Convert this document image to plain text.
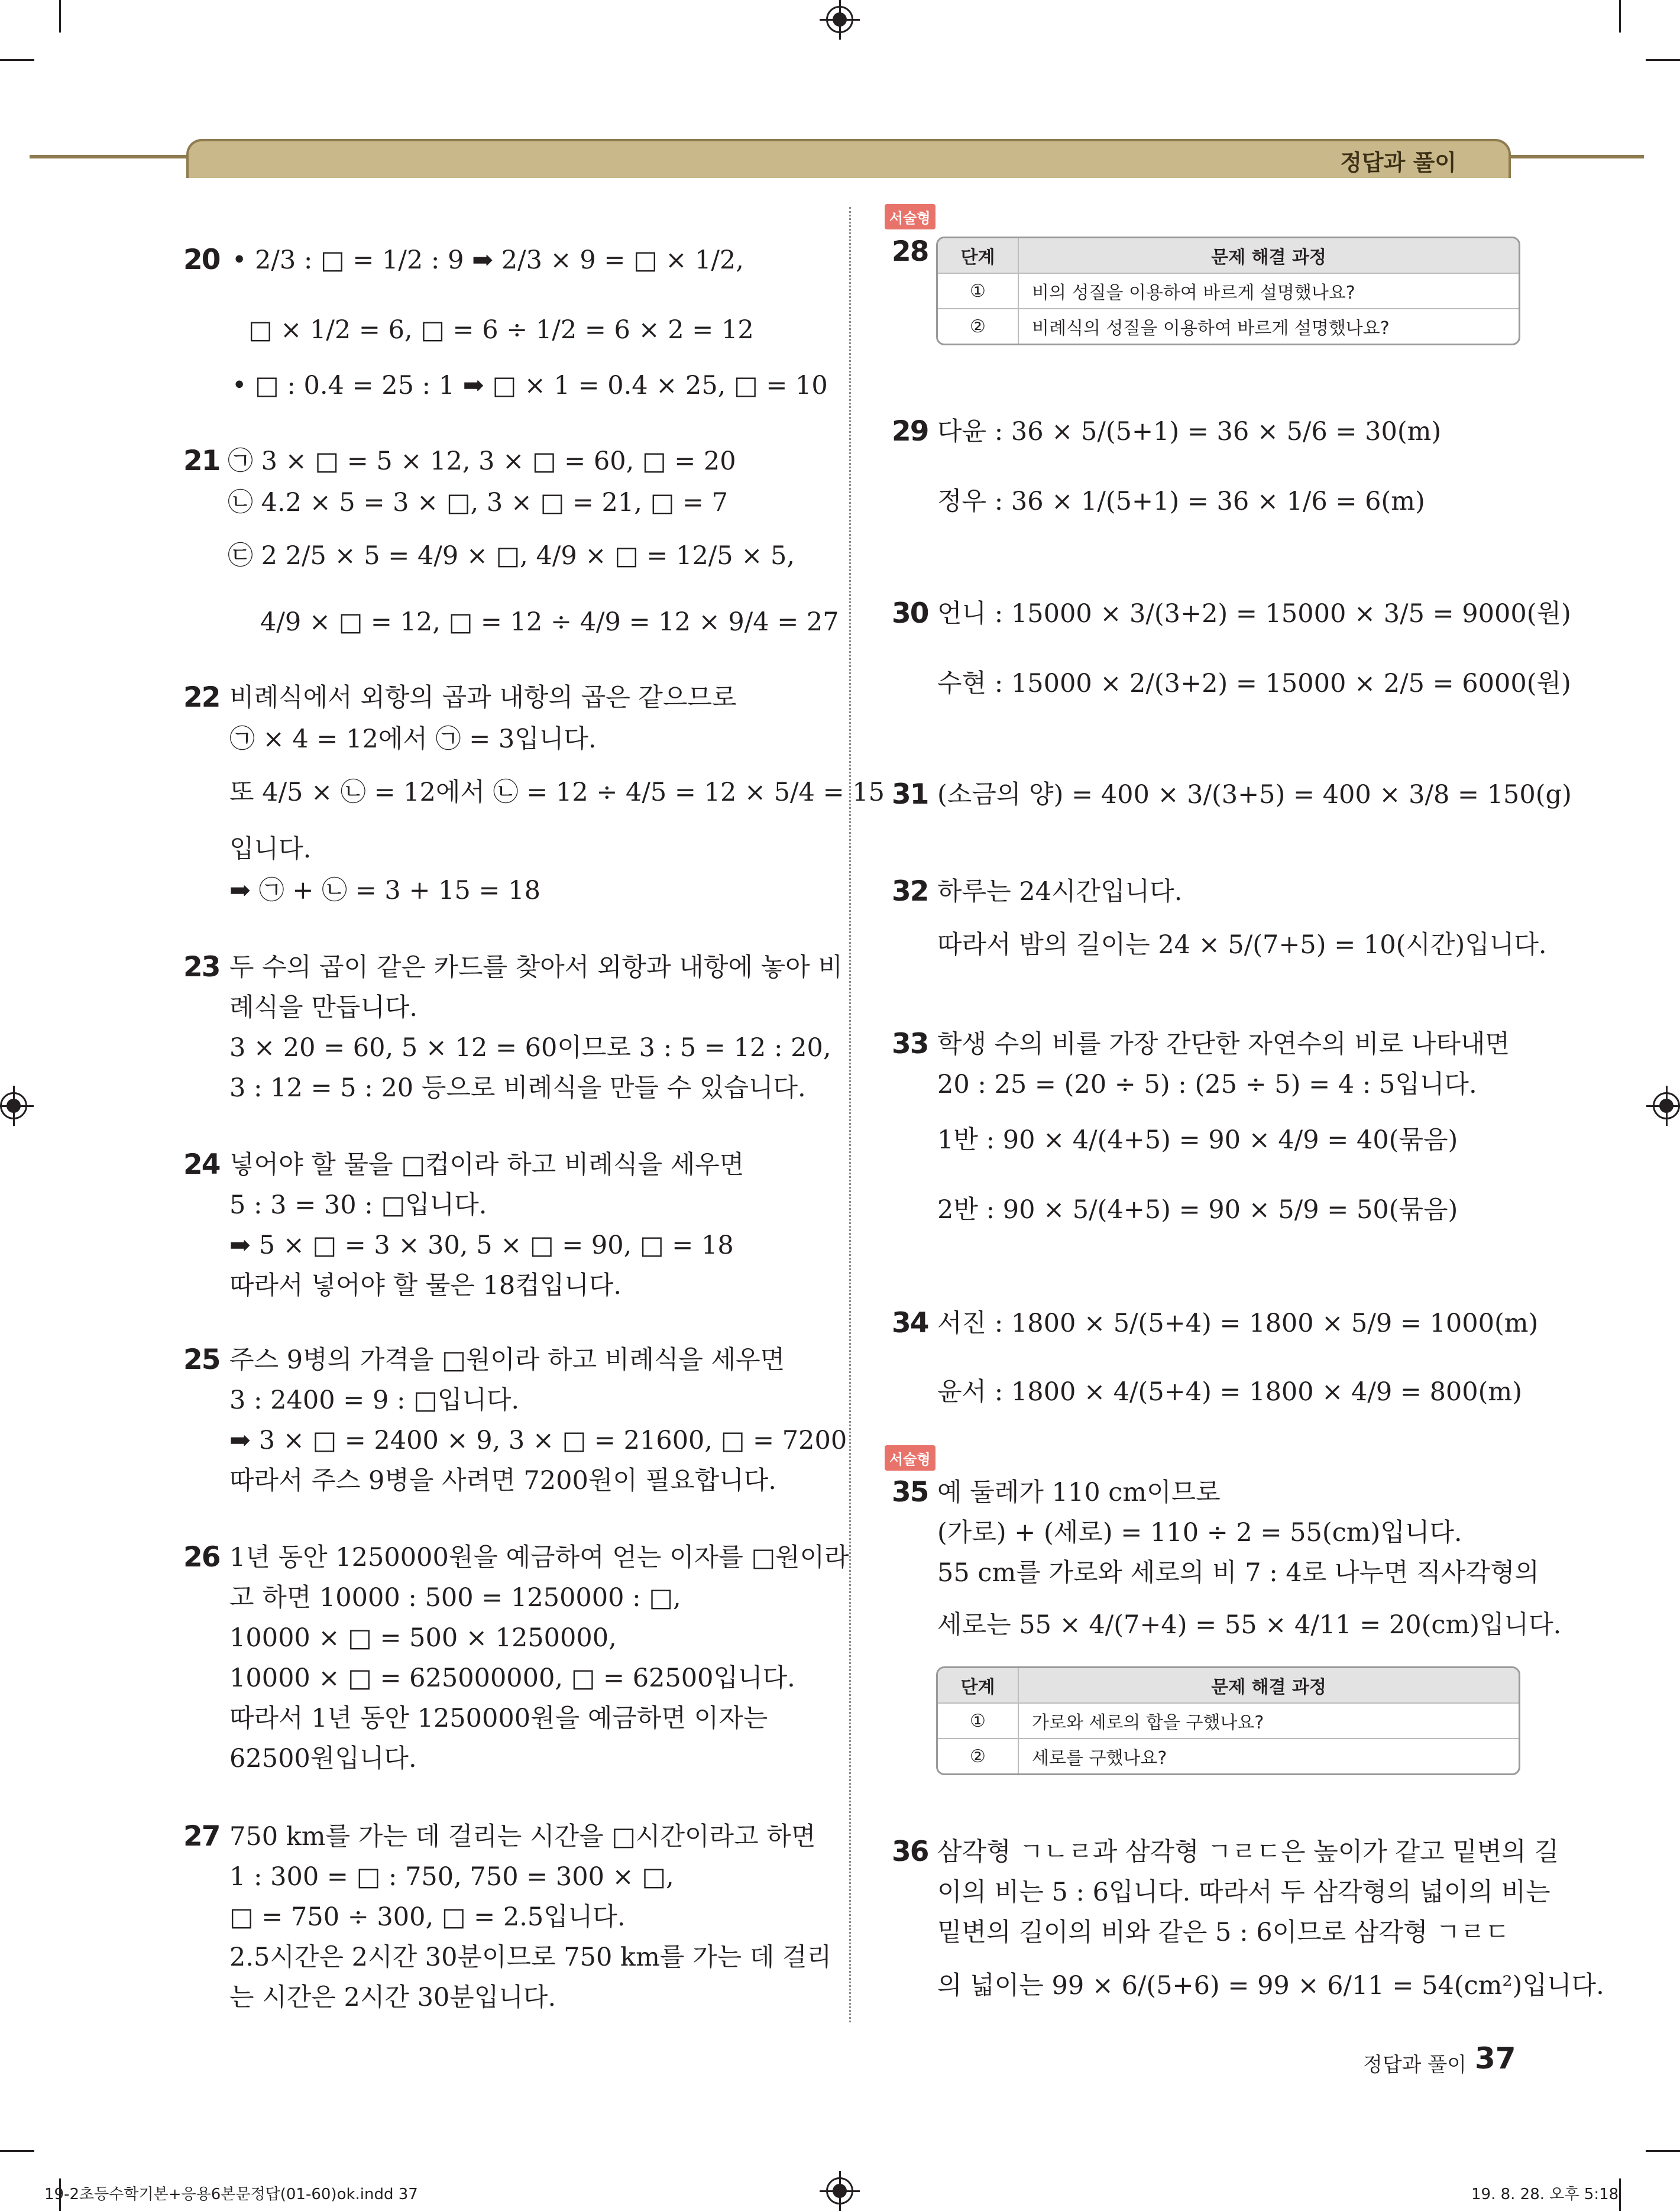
정답과 풀이
20 • 2/3 : □ = 1/2 : 9 ➡ 2/3 × 9 = □ × 1/2,
□ × 1/2 = 6, □ = 6 ÷ 1/2 = 6 × 2 = 12
• □ : 0.4 = 25 : 1 ➡ □ × 1 = 0.4 × 25, □ = 10
21 ㉠ 3 × □ = 5 × 12, 3 × □ = 60, □ = 20
㉡ 4.2 × 5 = 3 × □, 3 × □ = 21, □ = 7
㉢ 2 2/5 × 5 = 4/9 × □, 4/9 × □ = 12/5 × 5,
4/9 × □ = 12, □ = 12 ÷ 4/9 = 12 × 9/4 = 27
22 비례식에서 외항의 곱과 내항의 곱은 같으므로
㉠ × 4 = 12에서 ㉠ = 3입니다.
또 4/5 × ㉡ = 12에서 ㉡ = 12 ÷ 4/5 = 12 × 5/4 = 15
입니다.
➡ ㉠ + ㉡ = 3 + 15 = 18
23 두 수의 곱이 같은 카드를 찾아서 외항과 내항에 놓아 비
례식을 만듭니다.
3 × 20 = 60, 5 × 12 = 60이므로 3 : 5 = 12 : 20,
3 : 12 = 5 : 20 등으로 비례식을 만들 수 있습니다.
24 넣어야 할 물을 □컵이라 하고 비례식을 세우면
5 : 3 = 30 : □입니다.
➡ 5 × □ = 3 × 30, 5 × □ = 90, □ = 18
따라서 넣어야 할 물은 18컵입니다.
25 주스 9병의 가격을 □원이라 하고 비례식을 세우면
3 : 2400 = 9 : □입니다.
➡ 3 × □ = 2400 × 9, 3 × □ = 21600, □ = 7200
따라서 주스 9병을 사려면 7200원이 필요합니다.
26 1년 동안 1250000원을 예금하여 얻는 이자를 □원이라
고 하면 10000 : 500 = 1250000 : □,
10000 × □ = 500 × 1250000,
10000 × □ = 625000000, □ = 62500입니다.
따라서 1년 동안 1250000원을 예금하면 이자는
62500원입니다.
27 750 km를 가는 데 걸리는 시간을 □시간이라고 하면
1 : 300 = □ : 750, 750 = 300 × □,
□ = 750 ÷ 300, □ = 2.5입니다.
2.5시간은 2시간 30분이므로 750 km를 가는 데 걸리
는 시간은 2시간 30분입니다.
서술형
28	단계	문제 해결 과정
①	비의 성질을 이용하여 바르게 설명했나요?
②	비례식의 성질을 이용하여 바르게 설명했나요?
29 다윤 : 36 × 5/(5+1) = 36 × 5/6 = 30(m)
정우 : 36 × 1/(5+1) = 36 × 1/6 = 6(m)
30 언니 : 15000 × 3/(3+2) = 15000 × 3/5 = 9000(원)
수현 : 15000 × 2/(3+2) = 15000 × 2/5 = 6000(원)
31 (소금의 양) = 400 × 3/(3+5) = 400 × 3/8 = 150(g)
32 하루는 24시간입니다.
따라서 밤의 길이는 24 × 5/(7+5) = 10(시간)입니다.
33 학생 수의 비를 가장 간단한 자연수의 비로 나타내면
20 : 25 = (20 ÷ 5) : (25 ÷ 5) = 4 : 5입니다.
1반 : 90 × 4/(4+5) = 90 × 4/9 = 40(묶음)
2반 : 90 × 5/(4+5) = 90 × 5/9 = 50(묶음)
34 서진 : 1800 × 5/(5+4) = 1800 × 5/9 = 1000(m)
윤서 : 1800 × 4/(5+4) = 1800 × 4/9 = 800(m)
서술형
35 예 둘레가 110 cm이므로
(가로) + (세로) = 110 ÷ 2 = 55(cm)입니다.
55 cm를 가로와 세로의 비 7 : 4로 나누면 직사각형의
세로는 55 × 4/(7+4) = 55 × 4/11 = 20(cm)입니다.
단계	문제 해결 과정
①	가로와 세로의 합을 구했나요?
②	세로를 구했나요?
36 삼각형 ㄱㄴㄹ과 삼각형 ㄱㄹㄷ은 높이가 같고 밑변의 길
이의 비는 5 : 6입니다. 따라서 두 삼각형의 넓이의 비는
밑변의 길이의 비와 같은 5 : 6이므로 삼각형 ㄱㄹㄷ
의 넓이는 99 × 6/(5+6) = 99 × 6/11 = 54(cm²)입니다.
정답과 풀이 37
19-2초등수학기본+응용6본문정답(01-60)ok.indd 37	19. 8. 28. 오후 5:18
